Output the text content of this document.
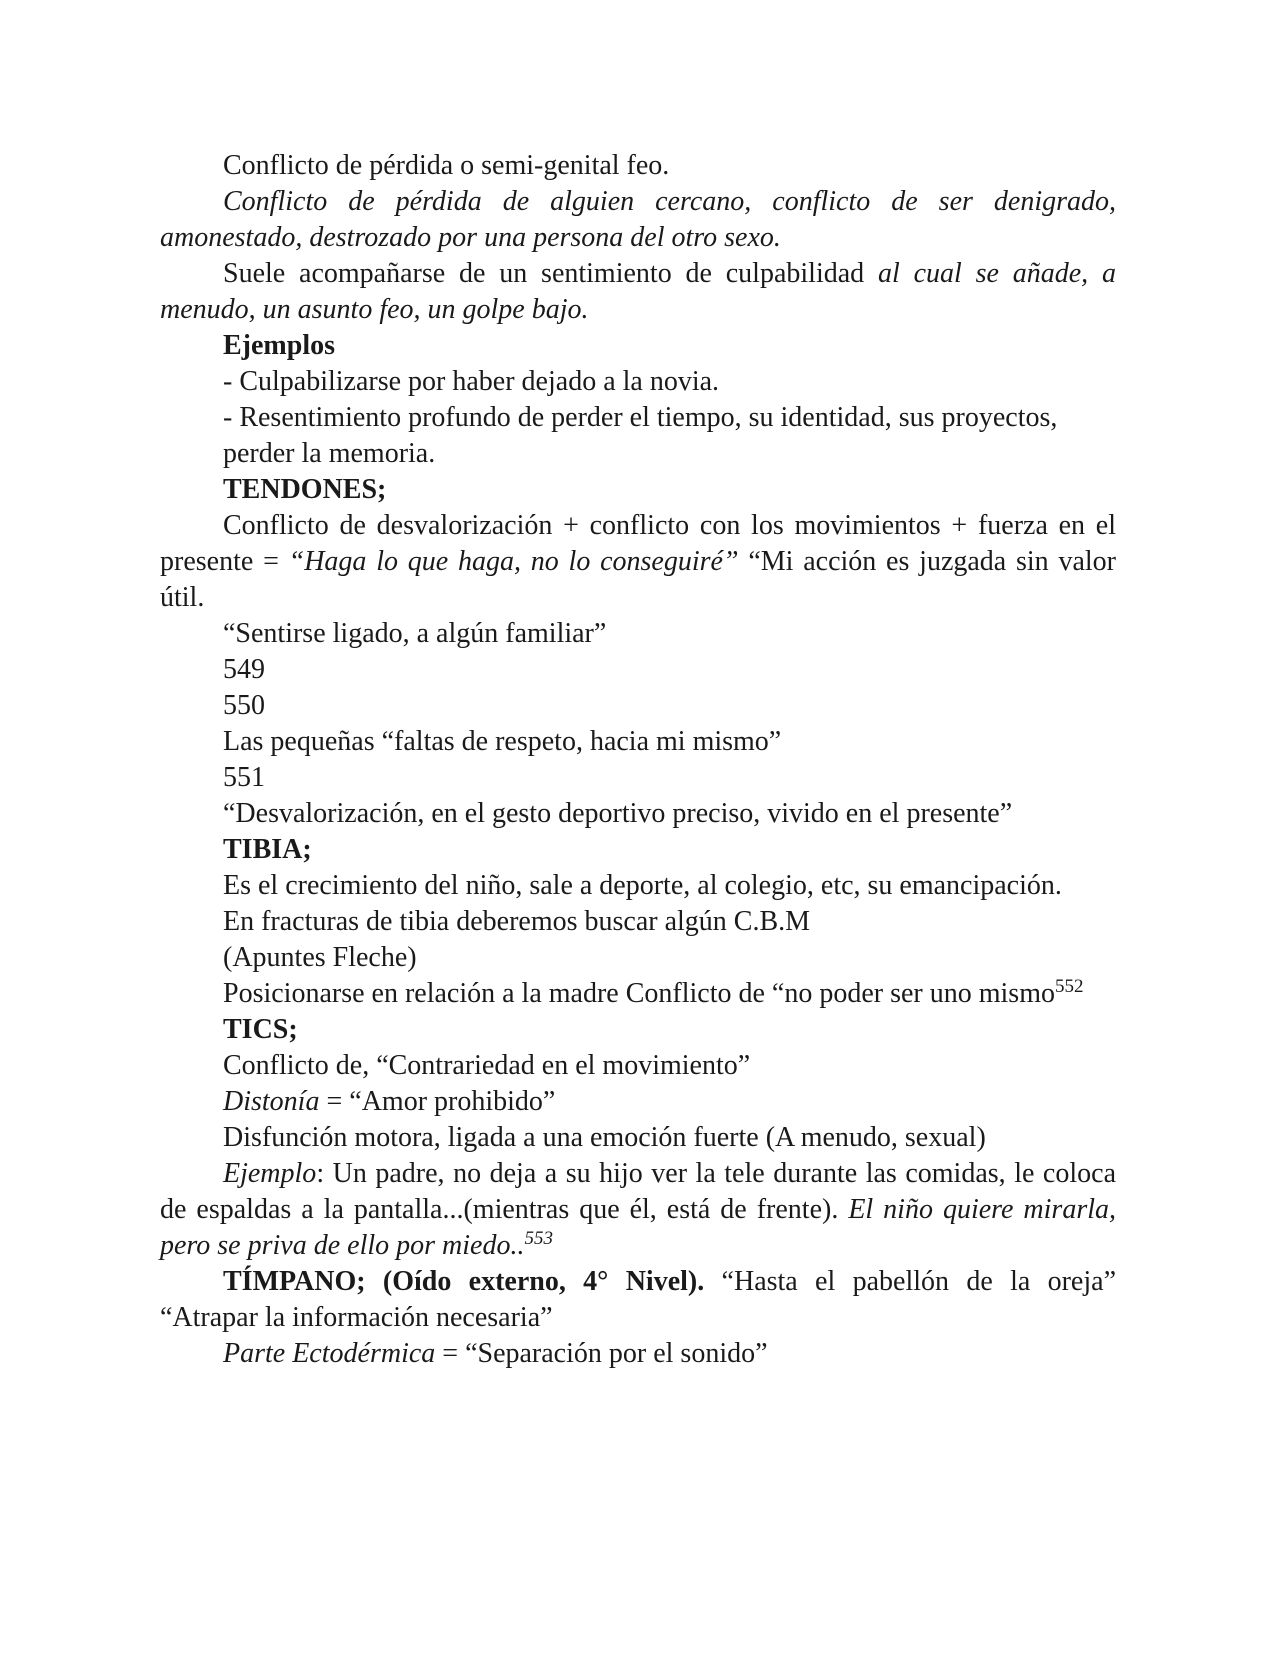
Conflicto de pérdida o semi-genital feo.

Conflicto de pérdida de alguien cercano, conflicto de ser denigrado, amonestado, destrozado por una persona del otro sexo.

Suele acompañarse de un sentimiento de culpabilidad al cual se añade, a menudo, un asunto feo, un golpe bajo.

Ejemplos

- Culpabilizarse por haber dejado a la novia.

- Resentimiento profundo de perder el tiempo, su identidad, sus proyectos,

perder la memoria.

TENDONES;

Conflicto de desvalorización + conflicto con los movimientos + fuerza en el presente = “Haga lo que haga, no lo conseguiré” “Mi acción es juzgada sin valor útil.

“Sentirse ligado, a algún familiar”

549

550

Las pequeñas “faltas de respeto, hacia mi mismo”

551

“Desvalorización, en el gesto deportivo preciso, vivido en el presente”

TIBIA;

Es el crecimiento del niño, sale a deporte, al colegio, etc, su emancipación.

En fracturas de tibia deberemos buscar algún C.B.M

(Apuntes Fleche)

Posicionarse en relación a la madre Conflicto de “no poder ser uno mismo$^{552}$

TICS;

Conflicto de, “Contrariedad en el movimiento”

Distonía = “Amor prohibido”

Disfunción motora, ligada a una emoción fuerte (A menudo, sexual)

Ejemplo: Un padre, no deja a su hijo ver la tele durante las comidas, le coloca de espaldas a la pantalla...(mientras que él, está de frente). El niño quiere mirarla, pero se priva de ello por miedo..$^{553}$

TÍMPANO; (Oído externo, 4° Nivel). “Hasta el pabellón de la oreja” “Atrapar la información necesaria”

Parte Ectodérmica = “Separación por el sonido”
